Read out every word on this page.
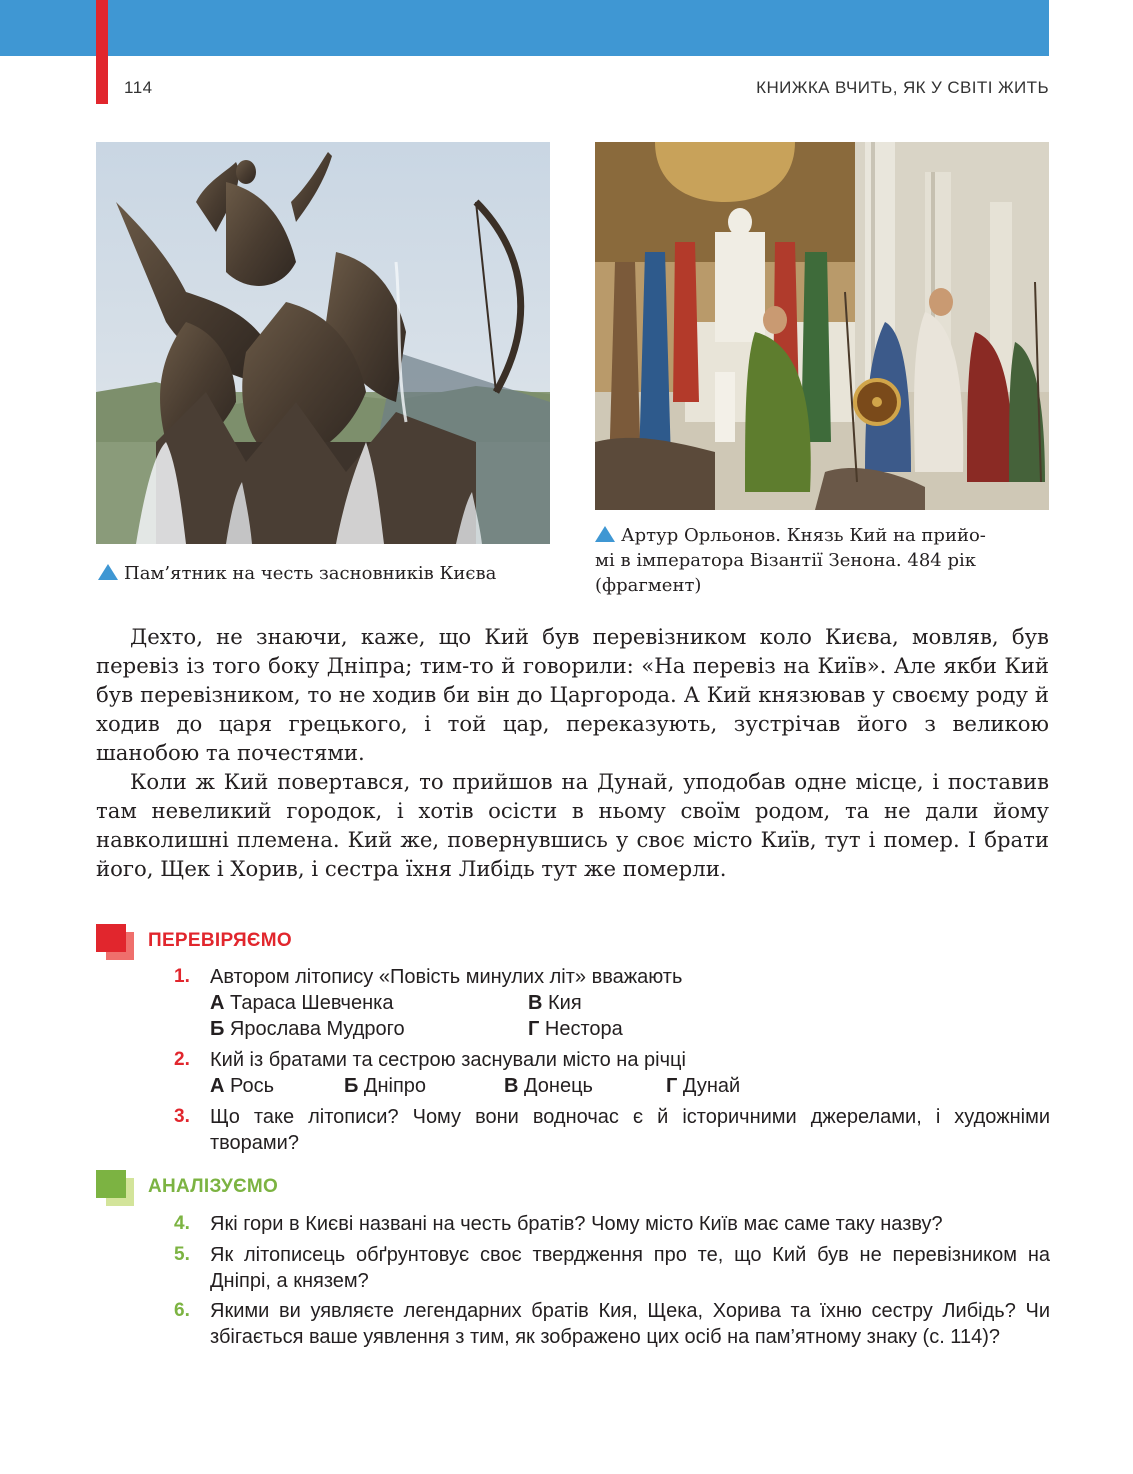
114	КНИЖКА ВЧИТЬ, ЯК У СВІТІ ЖИТЬ
Пам’ятник на честь засновників Києва
Артур Орльонов. Князь Кий на прийо-
мі в імператора Візантії Зенона. 484 рік
(фрагмент)

Дехто, не знаючи, каже, що Кий був перевізником коло Києва, мовляв, був перевіз із того боку Дніпра; тим-то й говорили: «На перевіз на Київ». Але якби Кий був перевізником, то не ходив би він до Царгорода. А Кий князював у своєму роду й ходив до царя грецького, і той цар, переказують, зустрічав його з великою шанобою та почестями.

Коли ж Кий повертався, то прийшов на Дунай, уподобав одне місце, і поставив там невеликий городок, і хотів осісти в ньому своїм родом, та не дали йому навколишні племена. Кий же, повернувшись у своє місто Київ, тут і помер. І брати його, Щек і Хорив, і сестра їхня Либідь тут же померли.

ПЕРЕВІРЯЄМО
1. Автором літопису «Повість минулих літ» вважають
А Тараса Шевченка	В Кия
Б Ярослава Мудрого	Г Нестора
2. Кий із братами та сестрою заснували місто на річці
А Рось	Б Дніпро	В Донець	Г Дунай
3. Що таке літописи? Чому вони водночас є й історичними джерелами, і художніми творами?
АНАЛІЗУЄМО
4. Які гори в Києві названі на честь братів? Чому місто Київ має саме таку назву?
5. Як літописець обґрунтовує своє твердження про те, що Кий був не перевізником на Дніпрі, а князем?
6. Якими ви уявляєте легендарних братів Кия, Щека, Хорива та їхню сестру Либідь? Чи збігається ваше уявлення з тим, як зображено цих осіб на пам’ятному знаку (с. 114)?
